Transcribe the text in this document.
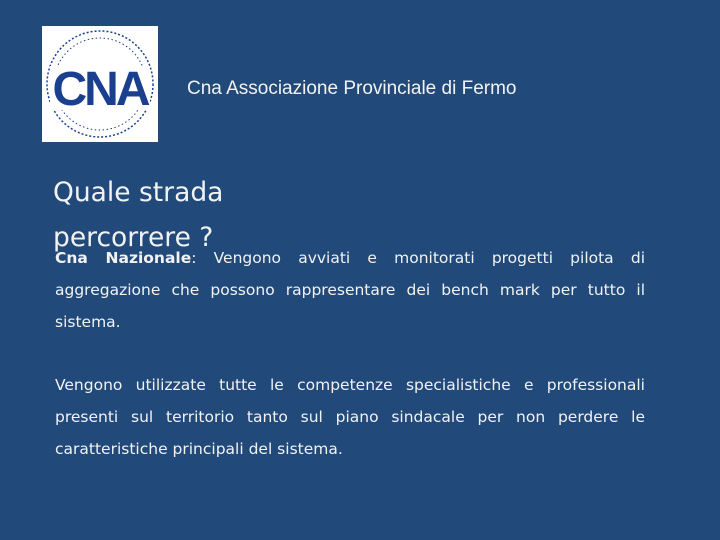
CNA Cna Associazione Provinciale di Fermo
Quale strada percorrere ?

Cna Nazionale: Vengono avviati e monitorati progetti pilota di aggregazione che possono rappresentare dei bench mark per tutto il sistema.

Vengono utilizzate tutte le competenze specialistiche e professionali presenti sul territorio tanto sul piano sindacale per non perdere le caratteristiche principali del sistema.
